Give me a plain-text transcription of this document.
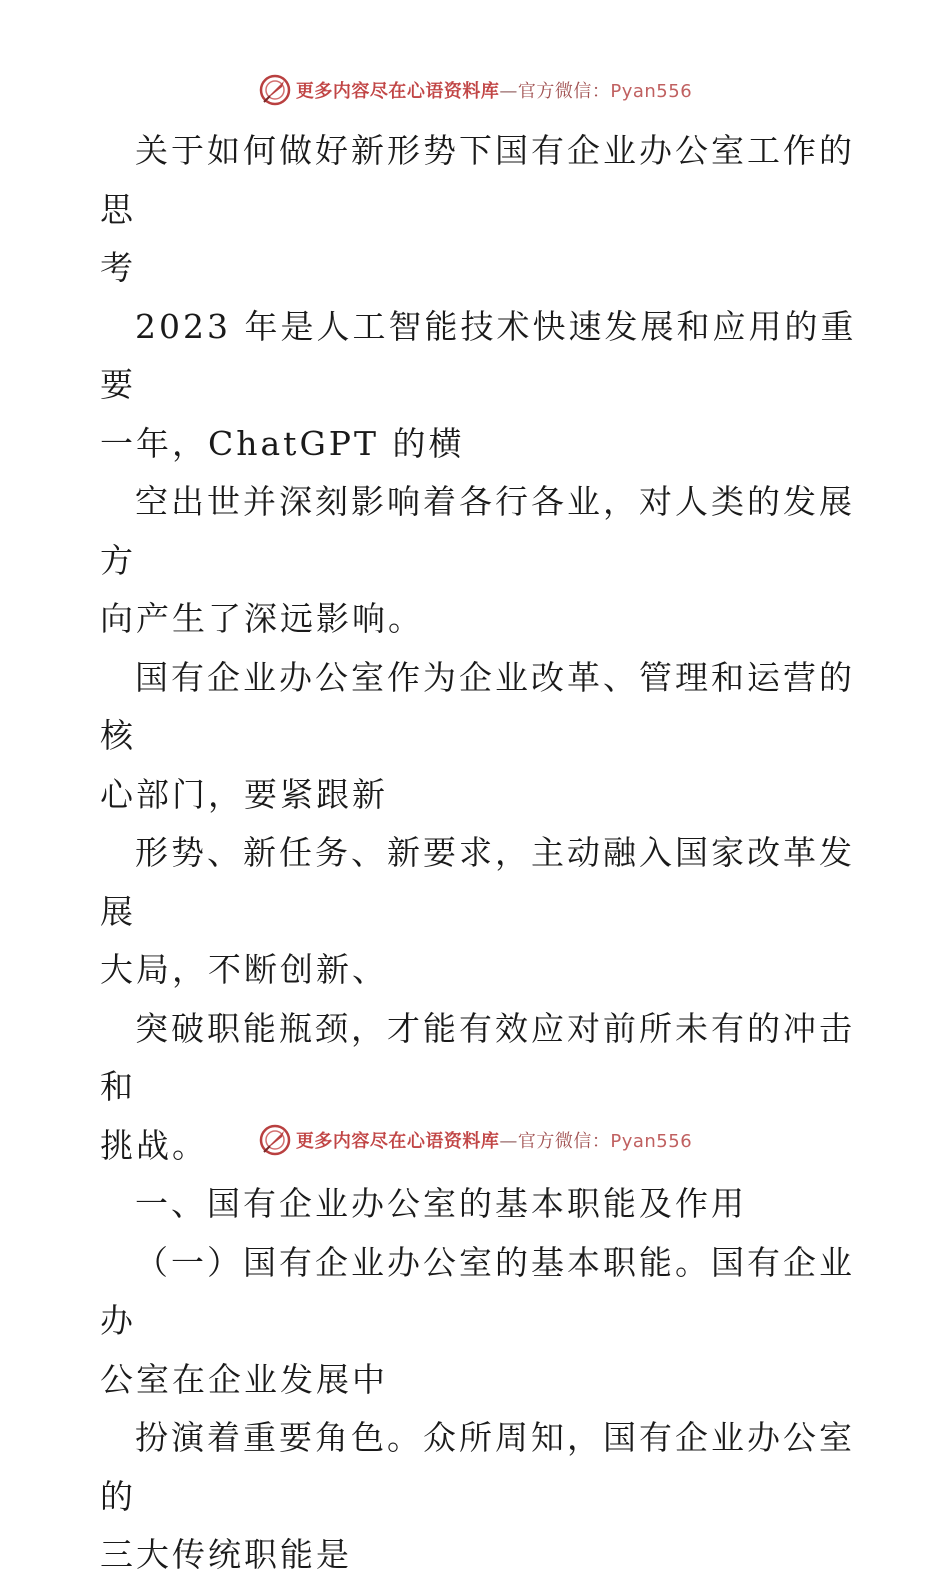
更多内容尽在心语资料库—官方微信：Pyan556

关于如何做好新形势下国有企业办公室工作的思

考

2023 年是人工智能技术快速发展和应用的重要

一年，ChatGPT 的横

空出世并深刻影响着各行各业，对人类的发展方

向产生了深远影响。

国有企业办公室作为企业改革、管理和运营的核

心部门，要紧跟新

形势、新任务、新要求，主动融入国家改革发展

大局，不断创新、

突破职能瓶颈，才能有效应对前所未有的冲击和

挑战。

一、国有企业办公室的基本职能及作用

（一）国有企业办公室的基本职能。国有企业办

公室在企业发展中

扮演着重要角色。众所周知，国有企业办公室的

三大传统职能是

更多内容尽在心语资料库—官方微信：Pyan556
